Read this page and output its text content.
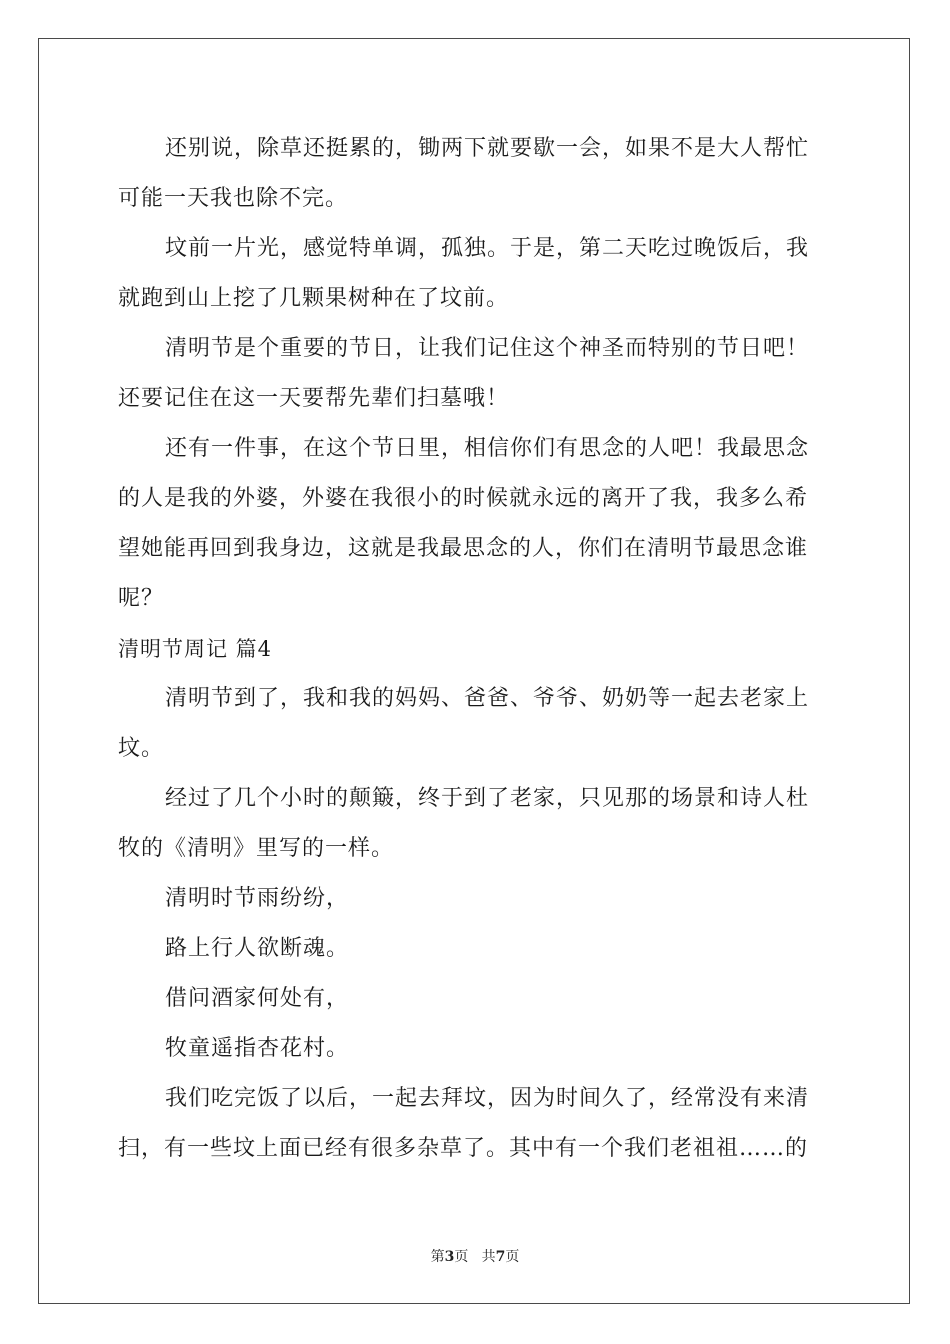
还别说，除草还挺累的，锄两下就要歇一会，如果不是大人帮忙
可能一天我也除不完。
坟前一片光，感觉特单调，孤独。于是，第二天吃过晚饭后，我
就跑到山上挖了几颗果树种在了坟前。
清明节是个重要的节日，让我们记住这个神圣而特别的节日吧！
还要记住在这一天要帮先辈们扫墓哦！
还有一件事，在这个节日里，相信你们有思念的人吧！我最思念
的人是我的外婆，外婆在我很小的时候就永远的离开了我，我多么希
望她能再回到我身边，这就是我最思念的人，你们在清明节最思念谁
呢？
清明节周记 篇4
清明节到了，我和我的妈妈、爸爸、爷爷、奶奶等一起去老家上
坟。
经过了几个小时的颠簸，终于到了老家，只见那的场景和诗人杜
牧的《清明》里写的一样。
清明时节雨纷纷，
路上行人欲断魂。
借问酒家何处有，
牧童遥指杏花村。
我们吃完饭了以后，一起去拜坟，因为时间久了，经常没有来清
扫，有一些坟上面已经有很多杂草了。其中有一个我们老祖祖……的
第3页 共7页
